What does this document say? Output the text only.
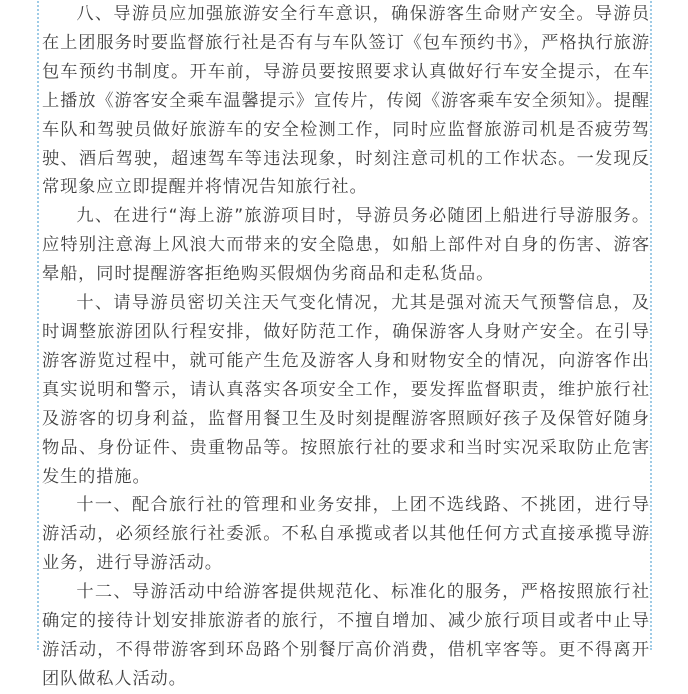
八、导游员应加强旅游安全行车意识，确保游客生命财产安全。导游员在上团服务时要监督旅行社是否有与车队签订《包车预约书》，严格执行旅游包车预约书制度。开车前，导游员要按照要求认真做好行车安全提示，在车上播放《游客安全乘车温馨提示》宣传片，传阅《游客乘车安全须知》。提醒车队和驾驶员做好旅游车的安全检测工作，同时应监督旅游司机是否疲劳驾驶、酒后驾驶，超速驾车等违法现象，时刻注意司机的工作状态。一发现反常现象应立即提醒并将情况告知旅行社。

九、在进行“海上游”旅游项目时，导游员务必随团上船进行导游服务。应特别注意海上风浪大而带来的安全隐患，如船上部件对自身的伤害、游客晕船，同时提醒游客拒绝购买假烟伪劣商品和走私货品。

十、请导游员密切关注天气变化情况，尤其是强对流天气预警信息，及时调整旅游团队行程安排，做好防范工作，确保游客人身财产安全。在引导游客游览过程中，就可能产生危及游客人身和财物安全的情况，向游客作出真实说明和警示，请认真落实各项安全工作，要发挥监督职责，维护旅行社及游客的切身利益，监督用餐卫生及时刻提醒游客照顾好孩子及保管好随身物品、身份证件、贵重物品等。按照旅行社的要求和当时实况采取防止危害发生的措施。

十一、配合旅行社的管理和业务安排，上团不选线路、不挑团，进行导游活动，必须经旅行社委派。不私自承揽或者以其他任何方式直接承揽导游业务，进行导游活动。

十二、导游活动中给游客提供规范化、标准化的服务，严格按照旅行社确定的接待计划安排旅游者的旅行，不擅自增加、减少旅行项目或者中止导游活动，不得带游客到环岛路个别餐厅高价消费，借机宰客等。更不得离开团队做私人活动。
